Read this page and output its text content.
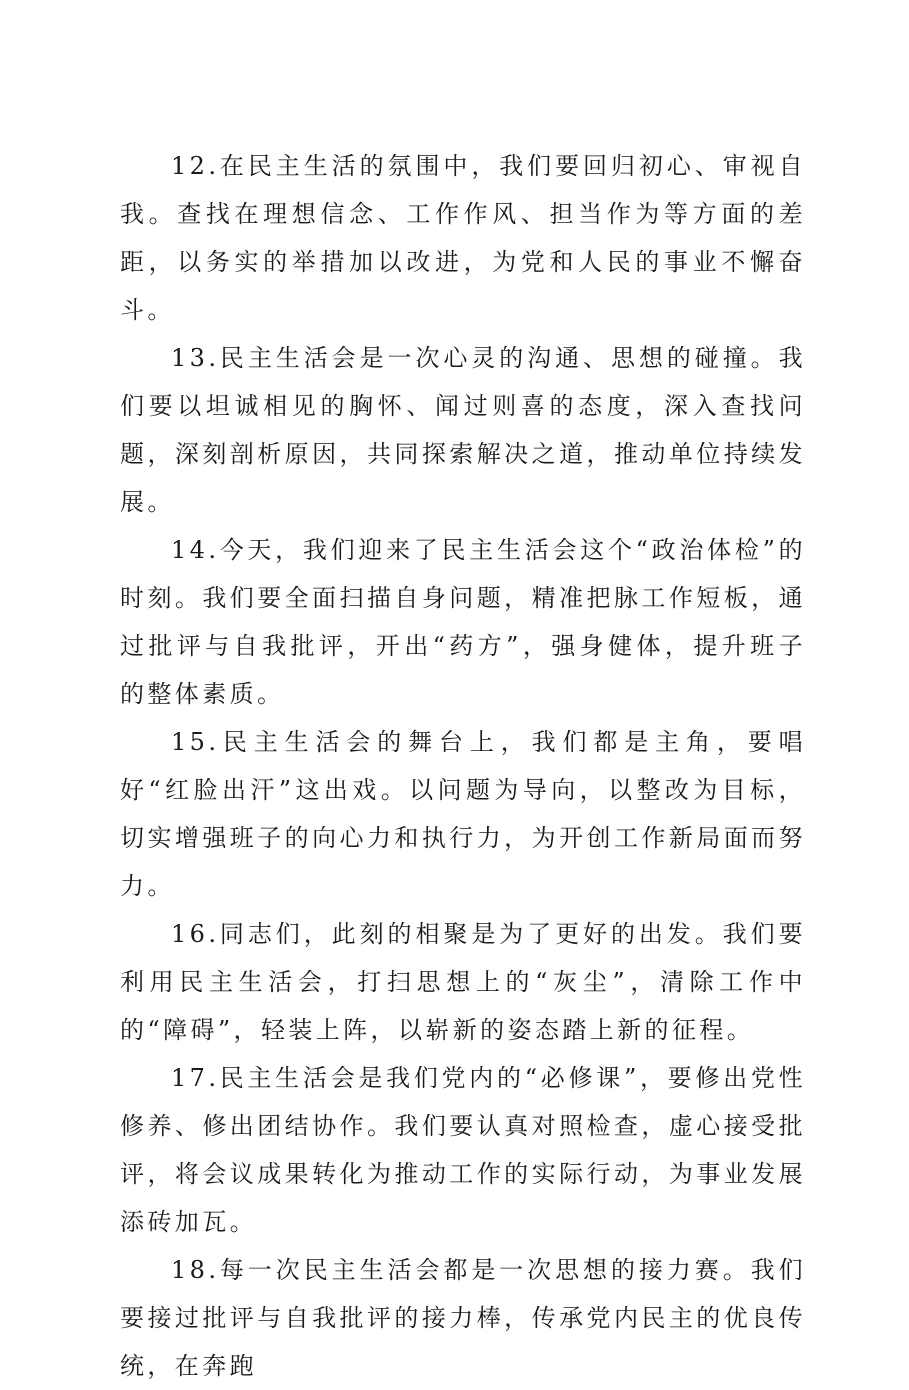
12.在民主生活的氛围中，我们要回归初心、审视自我。查找在理想信念、工作作风、担当作为等方面的差距，以务实的举措加以改进，为党和人民的事业不懈奋斗。

13.民主生活会是一次心灵的沟通、思想的碰撞。我们要以坦诚相见的胸怀、闻过则喜的态度，深入查找问题，深刻剖析原因，共同探索解决之道，推动单位持续发展。

14.今天，我们迎来了民主生活会这个“政治体检”的时刻。我们要全面扫描自身问题，精准把脉工作短板，通过批评与自我批评，开出“药方”，强身健体，提升班子的整体素质。

15.民主生活会的舞台上，我们都是主角，要唱好“红脸出汗”这出戏。以问题为导向，以整改为目标，切实增强班子的向心力和执行力，为开创工作新局面而努力。

16.同志们，此刻的相聚是为了更好的出发。我们要利用民主生活会，打扫思想上的“灰尘”，清除工作中的“障碍”，轻装上阵，以崭新的姿态踏上新的征程。

17.民主生活会是我们党内的“必修课”，要修出党性修养、修出团结协作。我们要认真对照检查，虚心接受批评，将会议成果转化为推动工作的实际行动，为事业发展添砖加瓦。

18.每一次民主生活会都是一次思想的接力赛。我们要接过批评与自我批评的接力棒，传承党内民主的优良传统，在奔跑
